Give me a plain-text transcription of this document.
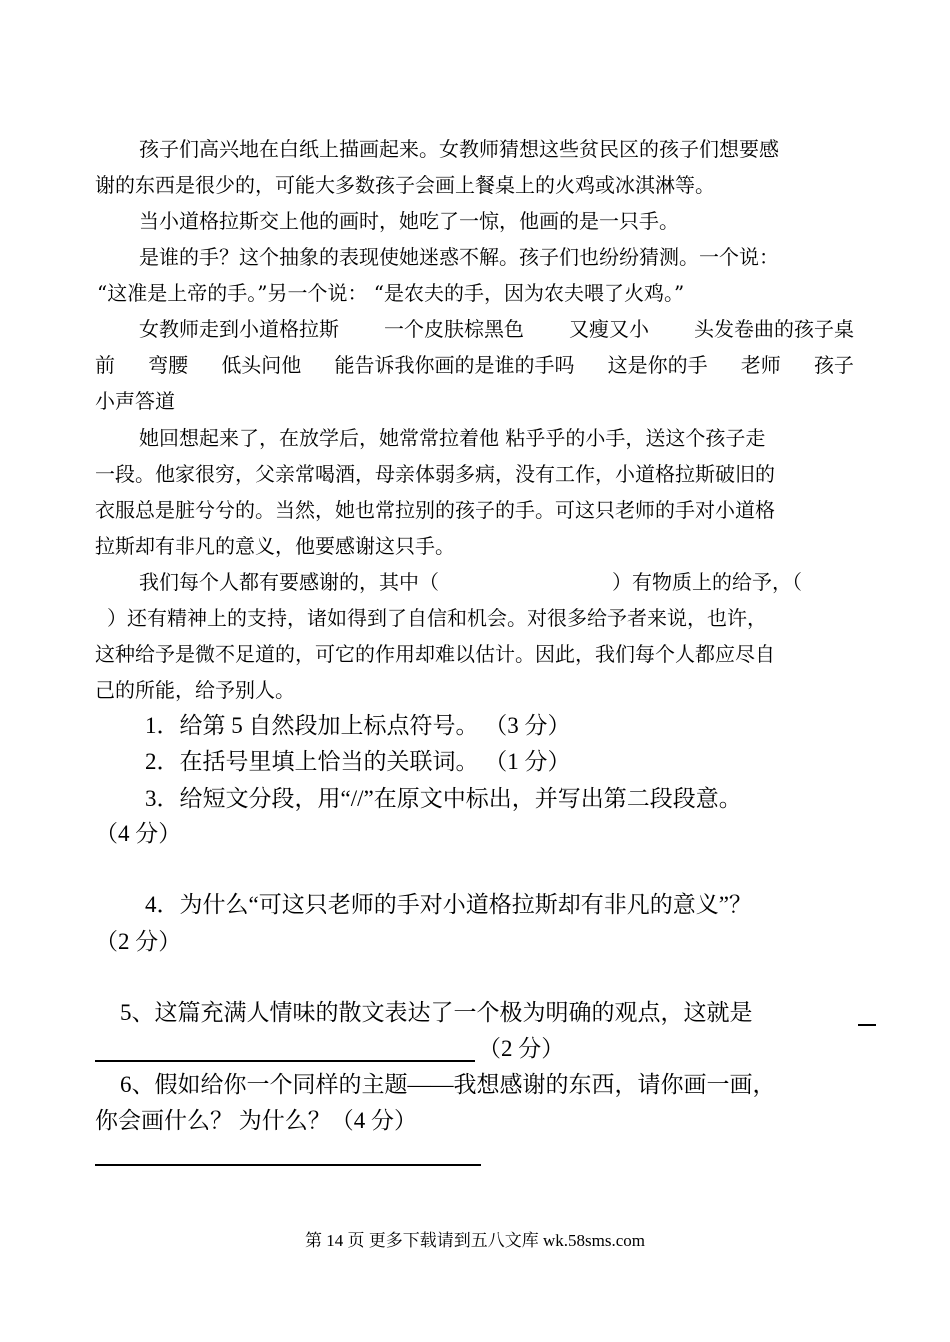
孩子们高兴地在白纸上描画起来。女教师猜想这些贫民区的孩子们想要感
谢的东西是很少的，可能大多数孩子会画上餐桌上的火鸡或冰淇淋等。
当小道格拉斯交上他的画时，她吃了一惊，他画的是一只手。
是谁的手？这个抽象的表现使她迷惑不解。孩子们也纷纷猜测。一个说：
“这准是上帝的手。”另一个说： “是农夫的手，因为农夫喂了火鸡。”
女教师走到小道格拉斯 一个皮肤棕黑色 又瘦又小 头发卷曲的孩子桌
前 弯腰 低头问他 能告诉我你画的是谁的手吗 这是你的手 老师 孩子
小声答道
她回想起来了，在放学后，她常常拉着他 粘乎乎的小手，送这个孩子走
一段。他家很穷，父亲常喝酒，母亲体弱多病，没有工作，小道格拉斯破旧的
衣服总是脏兮兮的。当然，她也常拉别的孩子的手。可这只老师的手对小道格
拉斯却有非凡的意义，他要感谢这只手。
我们每个人都有要感谢的，其中（	）有物质上的给予，（
）还有精神上的支持，诸如得到了自信和机会。对很多给予者来说，也许，
这种给予是微不足道的，可它的作用却难以估计。因此，我们每个人都应尽自
己的所能，给予别人。
1．给第 5 自然段加上标点符号。 （3 分）
2．在括号里填上恰当的关联词。 （1 分）
3．给短文分段，用“//”在原文中标出，并写出第二段段意。
（4 分）
4．为什么“可这只老师的手对小道格拉斯却有非凡的意义”？
（2 分）
5、这篇充满人情味的散文表达了一个极为明确的观点，这就是
（2 分）
6、假如给你一个同样的主题——我想感谢的东西，请你画一画，
你会画什么？ 为什么？（4 分）
第 14 页 更多下载请到五八文库 wk.58sms.com
